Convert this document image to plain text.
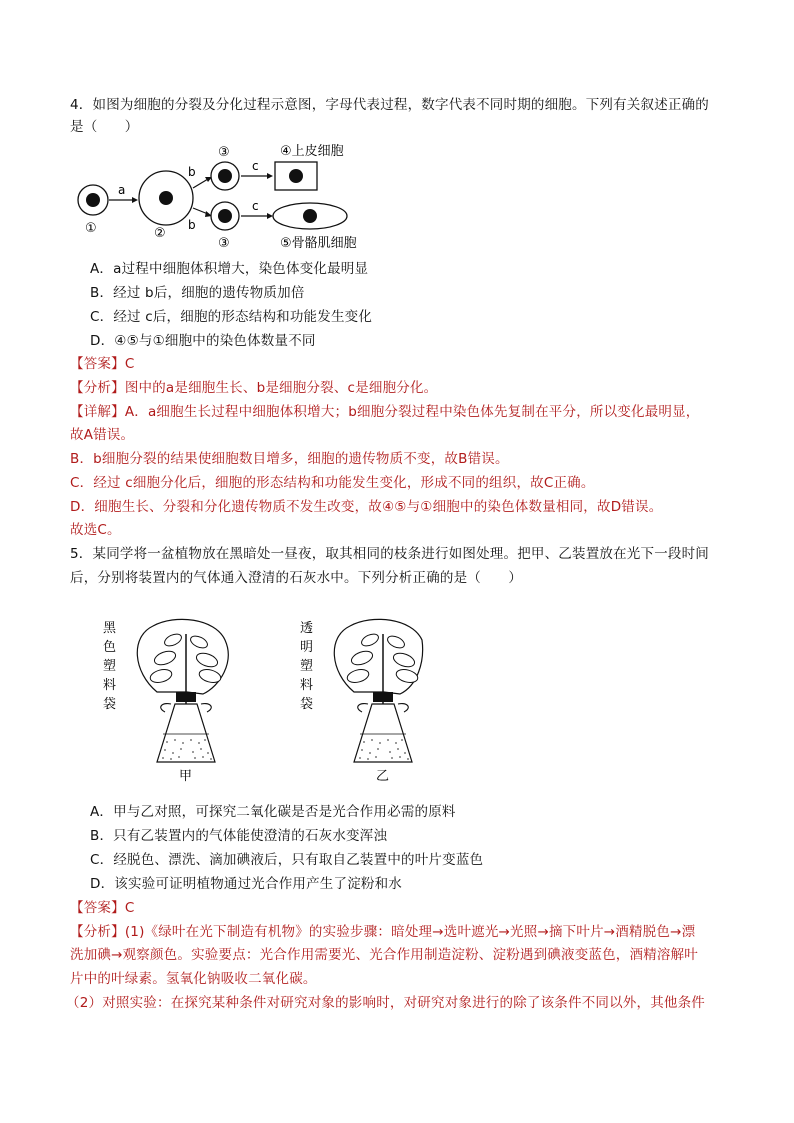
4．如图为细胞的分裂及分化过程示意图，字母代表过程，数字代表不同时期的细胞。下列有关叙述正确的
是（　　）
①
a
②
b
b
③
③
c
c
④上皮细胞
⑤骨骼肌细胞
A．a过程中细胞体积增大，染色体变化最明显
B．经过 b后，细胞的遗传物质加倍
C．经过 c后，细胞的形态结构和功能发生变化
D．④⑤与①细胞中的染色体数量不同
【答案】C
【分析】图中的a是细胞生长、b是细胞分裂、c是细胞分化。
【详解】A．a细胞生长过程中细胞体积增大；b细胞分裂过程中染色体先复制在平分，所以变化最明显，
故A错误。
B．b细胞分裂的结果使细胞数目增多，细胞的遗传物质不变，故B错误。
C．经过 c细胞分化后，细胞的形态结构和功能发生变化，形成不同的组织，故C正确。
D．细胞生长、分裂和分化遗传物质不发生改变，故④⑤与①细胞中的染色体数量相同，故D错误。
故选C。
5．某同学将一盆植物放在黑暗处一昼夜，取其相同的枝条进行如图处理。把甲、乙装置放在光下一段时间
后，分别将装置内的气体通入澄清的石灰水中。下列分析正确的是（　　）
黑
色
塑
料
袋
甲
透
明
塑
料
袋
乙
A．甲与乙对照，可探究二氧化碳是否是光合作用必需的原料
B．只有乙装置内的气体能使澄清的石灰水变浑浊
C．经脱色、漂洗、滴加碘液后，只有取自乙装置中的叶片变蓝色
D．该实验可证明植物通过光合作用产生了淀粉和水
【答案】C
【分析】(1)《绿叶在光下制造有机物》的实验步骤：暗处理→选叶遮光→光照→摘下叶片→酒精脱色→漂
洗加碘→观察颜色。实验要点：光合作用需要光、光合作用制造淀粉、淀粉遇到碘液变蓝色，酒精溶解叶
片中的叶绿素。氢氧化钠吸收二氧化碳。
（2）对照实验：在探究某种条件对研究对象的影响时，对研究对象进行的除了该条件不同以外，其他条件
